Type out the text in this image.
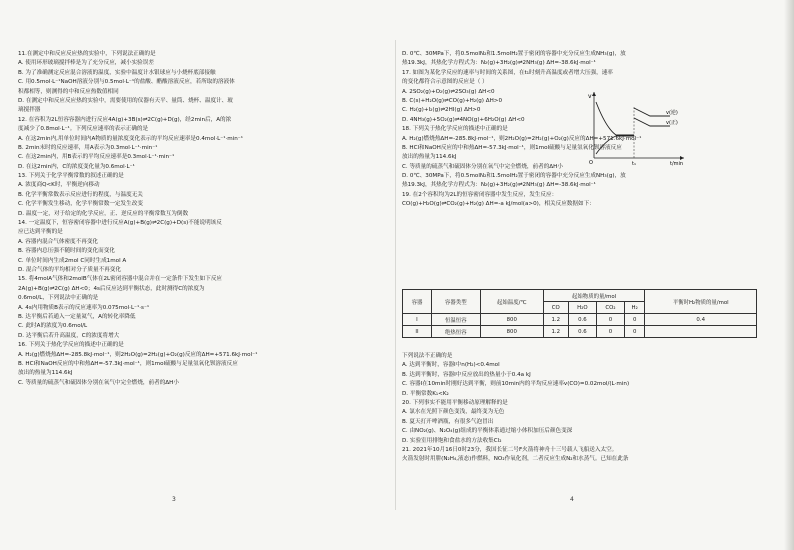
11.在测定中和反应反应热的实验中，下列说法正确的是
A. 使用环形玻璃搅拌棒是为了充分反应，减小实验误差
B. 为了准确测定反应混合溶液的温度，实验中温度计水银球应与小烧杯底部接触
C. 用0.5mol·L⁻¹NaOH溶液分别与0.5mol·L⁻¹的盐酸、醋酸溶液反应，若所取的溶液体
积都相等，则测得的中和反应热数值相同
D. 在测定中和反应反应热的实验中，需要使用的仪器有天平、量筒、烧杯、温度计、玻
璃搅拌器
12. 在容积为2L恒容容器内进行反应4A(g)+3B(s)⇌2C(g)+D(g)，经2min后，A的浓
度减少了0.8mol·L⁻¹。下列反应速率的表示正确的是
A. 在这2min内,用单位时间内A物质的量浓度变化表示的平均反应速率是0.4mol·L⁻¹·min⁻¹
B. 2min末时的反应速率，用A表示为0.3mol·L⁻¹·min⁻¹
C. 在这2min内，用B表示的平均反应速率是0.3mol·L⁻¹·min⁻¹
D. 在这2min内，C的浓度变化量为0.6mol·L⁻¹
13. 下列关于化学平衡常数的叙述正确的是
A. 浓度商Q<K时，平衡逆向移动
B. 化学平衡常数表示反应进行的程度，与温度无关
C. 化学平衡发生移动，化学平衡常数一定发生改变
D. 温度一定，对于给定的化学反应，正、逆反应的平衡常数互为倒数
14. 一定温度下，恒容密闭容器中进行反应A(g)+B(g)⇌2C(g)+D(s)不能说明该反
应已达到平衡的是
A. 容器内混合气体密度不再变化
B. 容器内总压强不随时间的变化而变化
C. 单位时间内生成2mol C同时生成1mol A
D. 混合气体的平均相对分子质量不再变化
15. 将4molA气体和2molB气体在2L密闭容器中混合并在一定条件下发生如下反应
2A(g)+B(g)⇌2C(g) ΔH<0；4s后反应达到平衡状态，此时测得C的浓度为
0.6mol/L，下列说法中正确的是
A. 4s内用物质B表示的反应速率为0.075mol·L⁻¹·s⁻¹
B. 达平衡后若通入一定量氦气，A的转化率降低
C. 此时A的浓度为0.6mol/L
D. 达平衡后若升高温度，C的浓度将增大
16. 下列关于热化学反应的描述中正确的是
A. H₂(g)燃烧热ΔH=-285.8kJ·mol⁻¹，则2H₂O(g)=2H₂(g)+O₂(g)反应的ΔH=+571.6kJ·mol⁻¹
B. HCl和NaOH反应的中和热ΔH=-57.3kJ·mol⁻¹，则1mol硫酸与足量氢氧化钡溶液反应
放出的热量为114.6kJ
C. 等质量的硫蒸气和硫固体分别在氧气中完全燃烧，前者的ΔH小
D. 0℃、30MPa下，将0.5molN₂和1.5molH₂置于密闭的容器中充分反应生成NH₃(g)，放
热19.3kJ，其热化学方程式为：N₂(g)+3H₂(g)⇌2NH₃(g) ΔH=-38.6kJ·mol⁻¹
17. 如图为某化学反应的速率与时间的关系图，在t₁时刻升高温度或者增大压强，速率
的变化都符合示意图的反应是（ ）
A. 2SO₂(g)+O₂(g)⇌2SO₃(g) ΔH<0
B. C(s)+H₂O(g)⇌CO(g)+H₂(g) ΔH>0
C. H₂(g)+I₂(g)⇌2HI(g) ΔH>0
D. 4NH₃(g)+5O₂(g)⇌4NO(g)+6H₂O(g) ΔH<0
18. 下列关于热化学反应的描述中正确的是
A. H₂(g)燃烧热ΔH=-285.8kJ·mol⁻¹，则2H₂O(g)=2H₂(g)+O₂(g)反应的ΔH=+571.6kJ·mol⁻¹
B. HCl和NaOH反应的中和热ΔH=-57.3kJ·mol⁻¹，则1mol硫酸与足量氢氧化钡溶液反应
放出的热量为114.6kJ
C. 等质量的硫蒸气和硫固体分别在氧气中完全燃烧，前者的ΔH小
D. 0℃、30MPa下，将0.5molN₂和1.5molH₂置于密闭的容器中充分反应生成NH₃(g)，放
热19.3kJ，其热化学方程式为：N₂(g)+3H₂(g)⇌2NH₃(g) ΔH=-38.6kJ·mol⁻¹
19. 在2个容积均为2L的恒容密闭容器中发生反应，发生反应：
CO(g)+H₂O(g)⇌CO₂(g)+H₂(g) ΔH=-a kJ/mol(a>0)，相关反应数据如下：
v
O	t₁	t/min
v(逆)
v(正)
容器	容器类型	起始温度/℃	起始物质的量/mol				平衡时H₂物质的量/mol
			CO	H₂O	CO₂	H₂	
I	恒温恒容	800	1.2	0.6	0	0	0.4
II	绝热恒容	800	1.2	0.6	0	0	
下列说法不正确的是
A. 达到平衡时，容器I中n(H₂)<0.4mol
B. 达到平衡时，容器I中反应放出的热量小于0.4a kJ
C. 容器I在10min时刚好达到平衡，则前10min内的平均反应速率v(CO)=0.02mol/(L·min)
D. 平衡常数K₁<K₂
20. 下列事实不能用平衡移动原理解释的是
A. 氯水在光照下颜色变浅，最终变为无色
B. 夏天打开啤酒瓶，有很多气泡冒出
C. 由NO₂(g)、N₂O₄(g)组成的平衡体系通过缩小体积加压后颜色变深
D. 实验室用排饱和食盐水的方法收集Cl₂
21. 2021年10月16日0时23分，我国长征二号F火箭将神舟十三号载人飞船送入太空。
火箭发射时用肼(N₂H₄,液态)作燃料，NO₂作氧化剂，二者反应生成N₂和水蒸气。已知在此条
3	4
